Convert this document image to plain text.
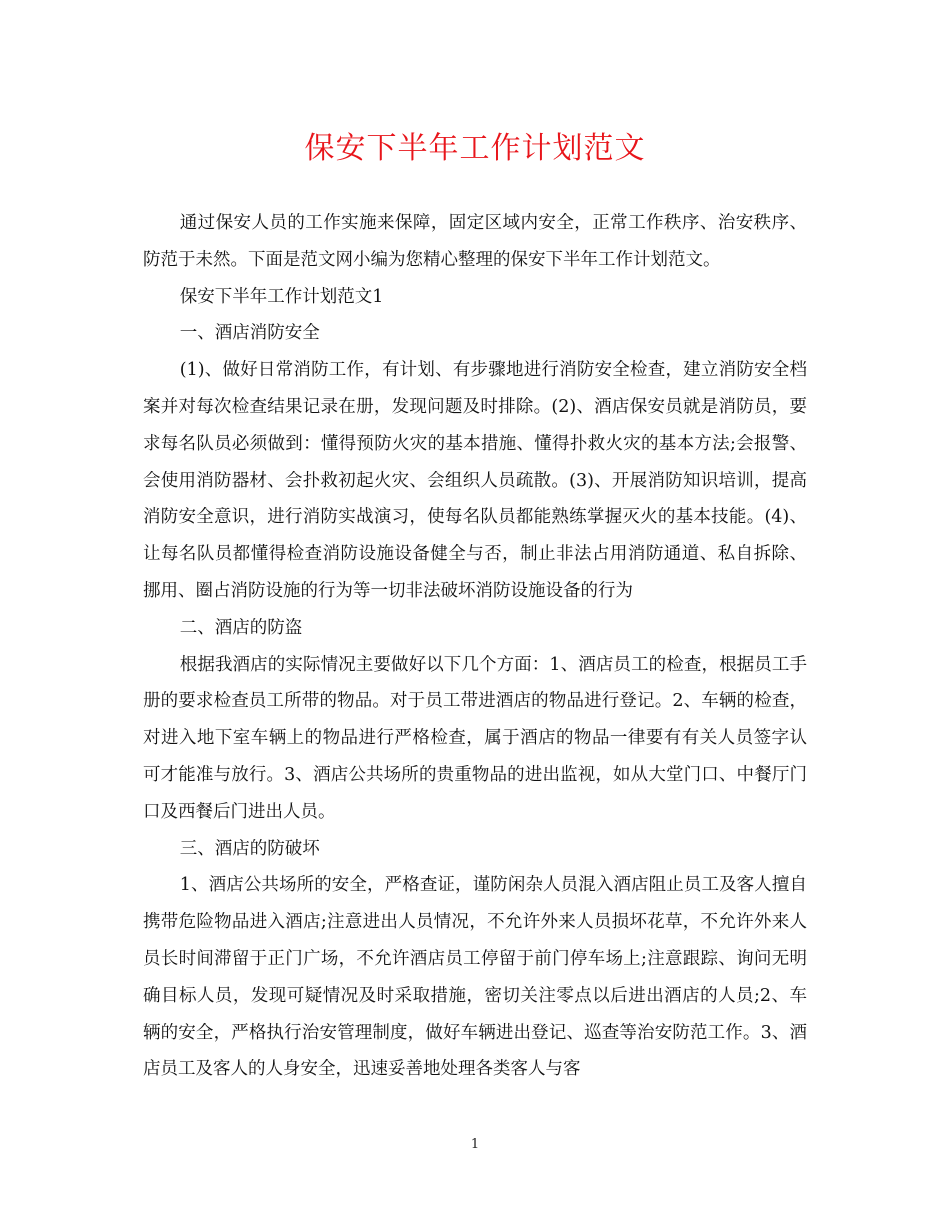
保安下半年工作计划范文

通过保安人员的工作实施来保障，固定区域内安全，正常工作秩序、治安秩序、防范于未然。下面是范文网小编为您精心整理的保安下半年工作计划范文。

保安下半年工作计划范文1

一、酒店消防安全

(1)、做好日常消防工作，有计划、有步骤地进行消防安全检查，建立消防安全档案并对每次检查结果记录在册，发现问题及时排除。(2)、酒店保安员就是消防员，要求每名队员必须做到：懂得预防火灾的基本措施、懂得扑救火灾的基本方法;会报警、会使用消防器材、会扑救初起火灾、会组织人员疏散。(3)、开展消防知识培训，提高消防安全意识，进行消防实战演习，使每名队员都能熟练掌握灭火的基本技能。(4)、让每名队员都懂得检查消防设施设备健全与否，制止非法占用消防通道、私自拆除、挪用、圈占消防设施的行为等一切非法破坏消防设施设备的行为

二、酒店的防盗

根据我酒店的实际情况主要做好以下几个方面：1、酒店员工的检查，根据员工手册的要求检查员工所带的物品。对于员工带进酒店的物品进行登记。2、车辆的检查，对进入地下室车辆上的物品进行严格检查，属于酒店的物品一律要有有关人员签字认可才能准与放行。3、酒店公共场所的贵重物品的进出监视，如从大堂门口、中餐厅门口及西餐后门进出人员。

三、酒店的防破坏

1、酒店公共场所的安全，严格查证，谨防闲杂人员混入酒店阻止员工及客人擅自携带危险物品进入酒店;注意进出人员情况，不允许外来人员损坏花草，不允许外来人员长时间滞留于正门广场，不允许酒店员工停留于前门停车场上;注意跟踪、询问无明确目标人员，发现可疑情况及时采取措施，密切关注零点以后进出酒店的人员;2、车辆的安全，严格执行治安管理制度，做好车辆进出登记、巡查等治安防范工作。3、酒店员工及客人的人身安全，迅速妥善地处理各类客人与客

1
